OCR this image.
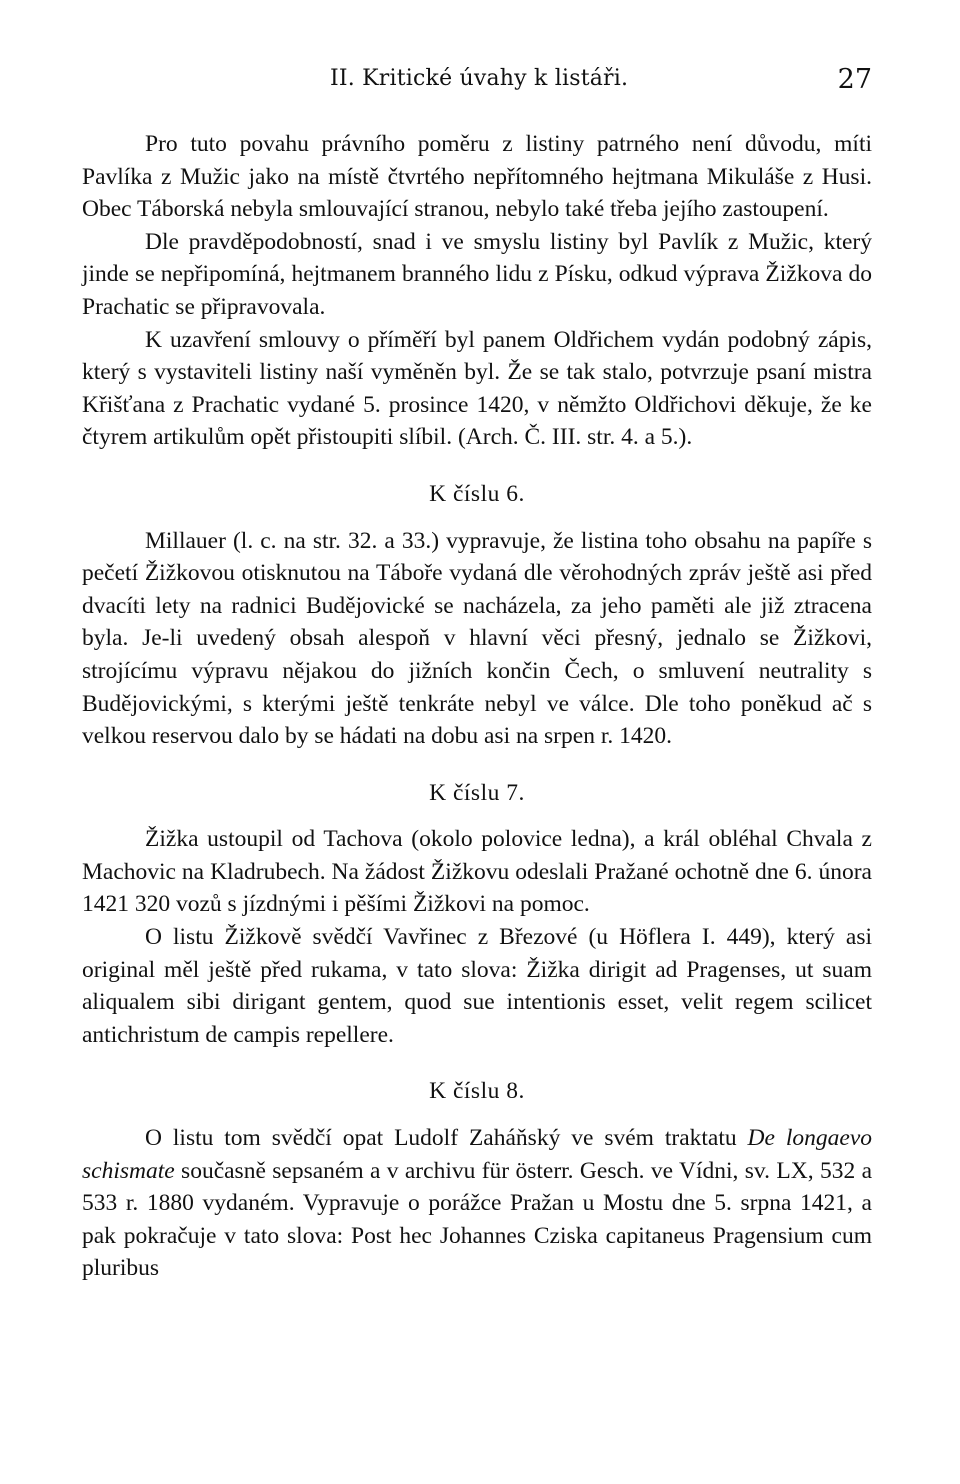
II. Kritické úvahy k listáři.	27

Pro tuto povahu právního poměru z listiny patrného není důvodu, míti Pavlíka z Mužic jako na místě čtvrtého nepřítomného hejtmana Mikuláše z Husi. Obec Táborská nebyla smlouvající stranou, nebylo také třeba jejího zastoupení.

Dle pravděpodobností, snad i ve smyslu listiny byl Pavlík z Mužic, který jinde se nepřipomíná, hejtmanem branného lidu z Písku, odkud výprava Žižkova do Prachatic se připravovala.

K uzavření smlouvy o příměří byl panem Oldřichem vydán podobný zápis, který s vystaviteli listiny naší vyměněn byl. Že se tak stalo, potvrzuje psaní mistra Křišťana z Prachatic vydané 5. prosince 1420, v němžto Oldřichovi děkuje, že ke čtyrem artikulům opět přistoupiti slíbil. (Arch. Č. III. str. 4. a 5.).

K číslu 6.

Millauer (l. c. na str. 32. a 33.) vypravuje, že listina toho obsahu na papíře s pečetí Žižkovou otisknutou na Táboře vydaná dle věrohodných zpráv ještě asi před dvacíti lety na radnici Budějovické se nacházela, za jeho paměti ale již ztracena byla. Je-li uvedený obsah alespoň v hlavní věci přesný, jednalo se Žižkovi, strojícímu výpravu nějakou do jižních končin Čech, o smluvení neutrality s Budějovickými, s kterými ještě tenkráte nebyl ve válce. Dle toho poněkud ač s velkou reservou dalo by se hádati na dobu asi na srpen r. 1420.

K číslu 7.

Žižka ustoupil od Tachova (okolo polovice ledna), a král obléhal Chvala z Machovic na Kladrubech. Na žádost Žižkovu odeslali Pražané ochotně dne 6. února 1421 320 vozů s jízdnými i pěšími Žižkovi na pomoc.

O listu Žižkově svědčí Vavřinec z Březové (u Höflera I. 449), který asi original měl ještě před rukama, v tato slova: Žižka dirigit ad Pragenses, ut suam aliqualem sibi dirigant gentem, quod sue intentionis esset, velit regem scilicet antichristum de campis repellere.

K číslu 8.

O listu tom svědčí opat Ludolf Zaháňský ve svém traktatu De longaevo schismate současně sepsaném a v archivu für österr. Gesch. ve Vídni, sv. LX, 532 a 533 r. 1880 vydaném. Vypravuje o porážce Pražan u Mostu dne 5. srpna 1421, a pak pokračuje v tato slova: Post hec Johannes Cziska capitaneus Pragensium cum pluribus
